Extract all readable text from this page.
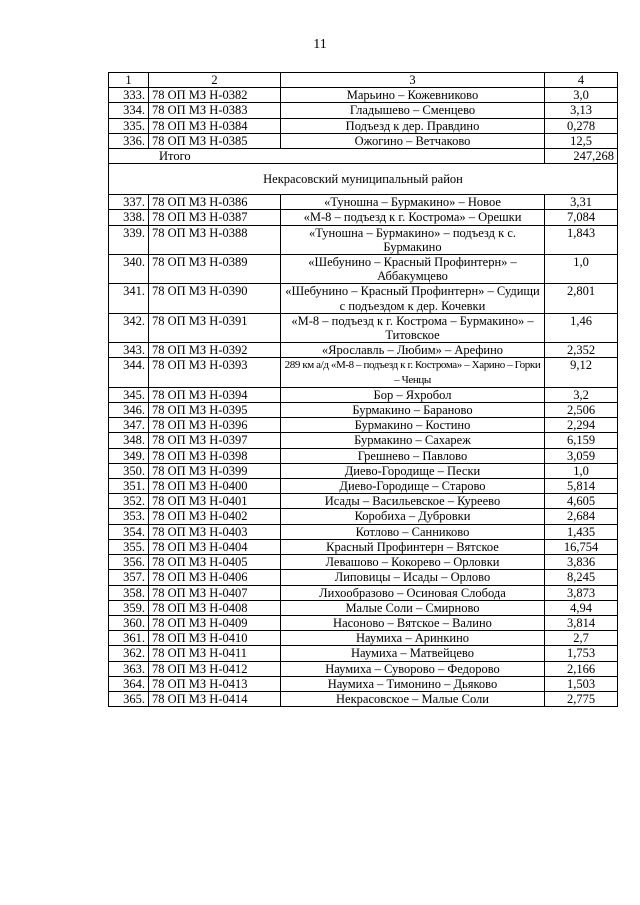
11
1	2	3	4
333.	78 ОП МЗ Н-0382	Марьино – Кожевниково	3,0
334.	78 ОП МЗ Н-0383	Гладышево – Сменцево	3,13
335.	78 ОП МЗ Н-0384	Подъезд к дер. Правдино	0,278
336.	78 ОП МЗ Н-0385	Ожогино – Ветчаково	12,5
Итого			247,268
Некрасовский муниципальный район			
337.	78 ОП МЗ Н-0386	«Туношна – Бурмакино» – Новое	3,31
338.	78 ОП МЗ Н-0387	«М-8 – подъезд к г. Кострома» – Орешки	7,084
339.	78 ОП МЗ Н-0388	«Тунoшна – Бурмакино» – подъезд к с. Бурмакино	1,843
340.	78 ОП МЗ Н-0389	«Шебунино – Красный Профинтерн» – Аббакумцево	1,0
341.	78 ОП МЗ Н-0390	«Шебунино – Красный Профинтерн» – Судищи с подъездом к дер. Кочевки	2,801
342.	78 ОП МЗ Н-0391	«М-8 – подъезд к г. Кострома – Бурмакино» – Титовское	1,46
343.	78 ОП МЗ Н-0392	«Ярославль – Любим» – Арефино	2,352
344.	78 ОП МЗ Н-0393	289 км а/д «М-8 – подъезд к г. Кострома» – Харино – Горки – Ченцы	9,12
345.	78 ОП МЗ Н-0394	Бор – Яхробол	3,2
346.	78 ОП МЗ Н-0395	Бурмакино – Бараново	2,506
347.	78 ОП МЗ Н-0396	Бурмакино – Костино	2,294
348.	78 ОП МЗ Н-0397	Бурмакино – Сахареж	6,159
349.	78 ОП МЗ Н-0398	Грешнево – Павлово	3,059
350.	78 ОП МЗ Н-0399	Диево-Городище – Пески	1,0
351.	78 ОП МЗ Н-0400	Диево-Городище – Старово	5,814
352.	78 ОП МЗ Н-0401	Исады – Васильевское – Куреево	4,605
353.	78 ОП МЗ Н-0402	Коробиха – Дубровки	2,684
354.	78 ОП МЗ Н-0403	Котлово – Санниково	1,435
355.	78 ОП МЗ Н-0404	Красный Профинтерн – Вятское	16,754
356.	78 ОП МЗ Н-0405	Левашово – Кокорево – Орловки	3,836
357.	78 ОП МЗ Н-0406	Липовицы – Исады – Орлово	8,245
358.	78 ОП МЗ Н-0407	Лихообразово – Осиновая Слобода	3,873
359.	78 ОП МЗ Н-0408	Малые Соли – Смирново	4,94
360.	78 ОП МЗ Н-0409	Насоново – Вятское – Валино	3,814
361.	78 ОП МЗ Н-0410	Наумиха – Аринкино	2,7
362.	78 ОП МЗ Н-0411	Наумиха – Матвейцево	1,753
363.	78 ОП МЗ Н-0412	Наумиха – Суворово – Федорово	2,166
364.	78 ОП МЗ Н-0413	Наумиха – Тимонино – Дьяково	1,503
365.	78 ОП МЗ Н-0414	Некрасовское – Малые Соли	2,775
